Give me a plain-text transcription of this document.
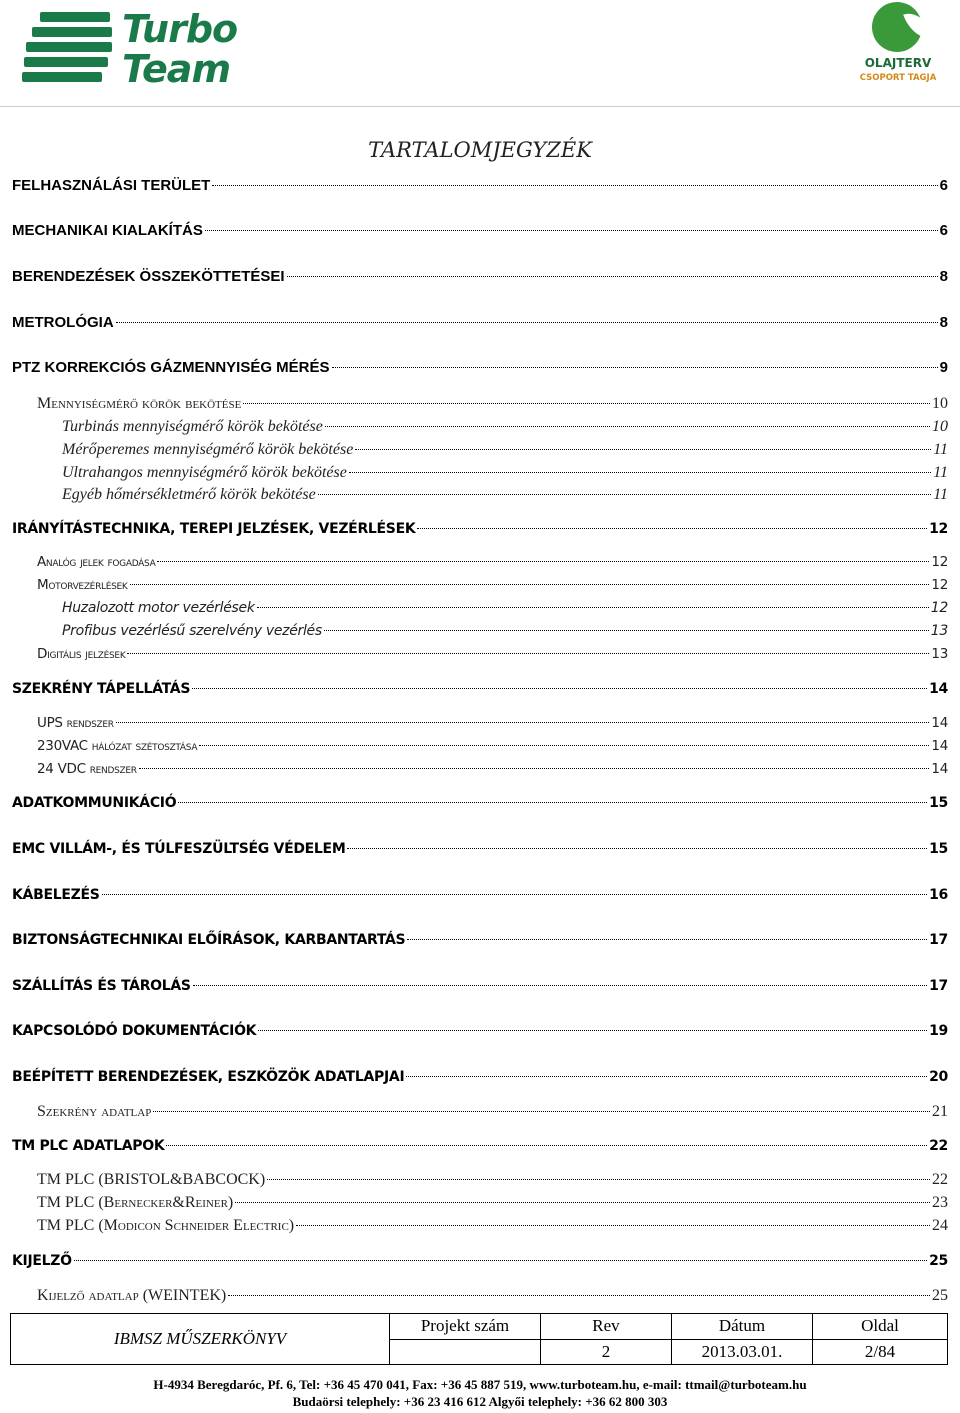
Turbo
Team	OLAJTERV
CSOPORT TAGJA
TARTALOMJEGYZÉK
FELHASZNÁLÁSI TERÜLET	6
MECHANIKAI KIALAKÍTÁS	6
BERENDEZÉSEK ÖSSZEKÖTTETÉSEI	8
METROLÓGIA	8
PTZ KORREKCIÓS GÁZMENNYISÉG MÉRÉS	9
Mennyiségmérő körök bekötése	10
Turbinás mennyiségmérő körök bekötése	10
Mérőperemes mennyiségmérő körök bekötése	11
Ultrahangos mennyiségmérő körök bekötése	11
Egyéb hőmérsékletmérő körök bekötése	11
IRÁNYÍTÁSTECHNIKA, TEREPI JELZÉSEK, VEZÉRLÉSEK	12
Analóg jelek fogadása	12
Motorvezérlések	12
Huzalozott motor vezérlések	12
Profibus vezérlésű szerelvény vezérlés	13
Digitális jelzések	13
SZEKRÉNY TÁPELLÁTÁS	14
UPS rendszer	14
230VAC hálózat szétosztása	14
24 VDC rendszer	14
ADATKOMMUNIKÁCIÓ	15
EMC VILLÁM-, ÉS TÚLFESZÜLTSÉG VÉDELEM	15
KÁBELEZÉS	16
BIZTONSÁGTECHNIKAI ELŐÍRÁSOK, KARBANTARTÁS	17
SZÁLLÍTÁS ÉS TÁROLÁS	17
KAPCSOLÓDÓ DOKUMENTÁCIÓK	19
BEÉPÍTETT BERENDEZÉSEK, ESZKÖZÖK ADATLAPJAI	20
Szekrény adatlap	21
TM PLC ADATLAPOK	22
TM PLC (BRISTOL&BABCOCK)	22
TM PLC (Bernecker&Reiner)	23
TM PLC (Modicon Schneider Electric)	24
KIJELZŐ	25
Kijelző adatlap (WEINTEK)	25
IBMSZ MŰSZERKÖNYV	Projekt szám	Rev	Dátum	Oldal
		2	2013.03.01.	2/84
H-4934 Beregdaróc, Pf. 6, Tel: +36 45 470 041, Fax: +36 45 887 519, www.turboteam.hu, e-mail: ttmail@turboteam.hu
Budaörsi telephely: +36 23 416 612 Algyői telephely: +36 62 800 303
